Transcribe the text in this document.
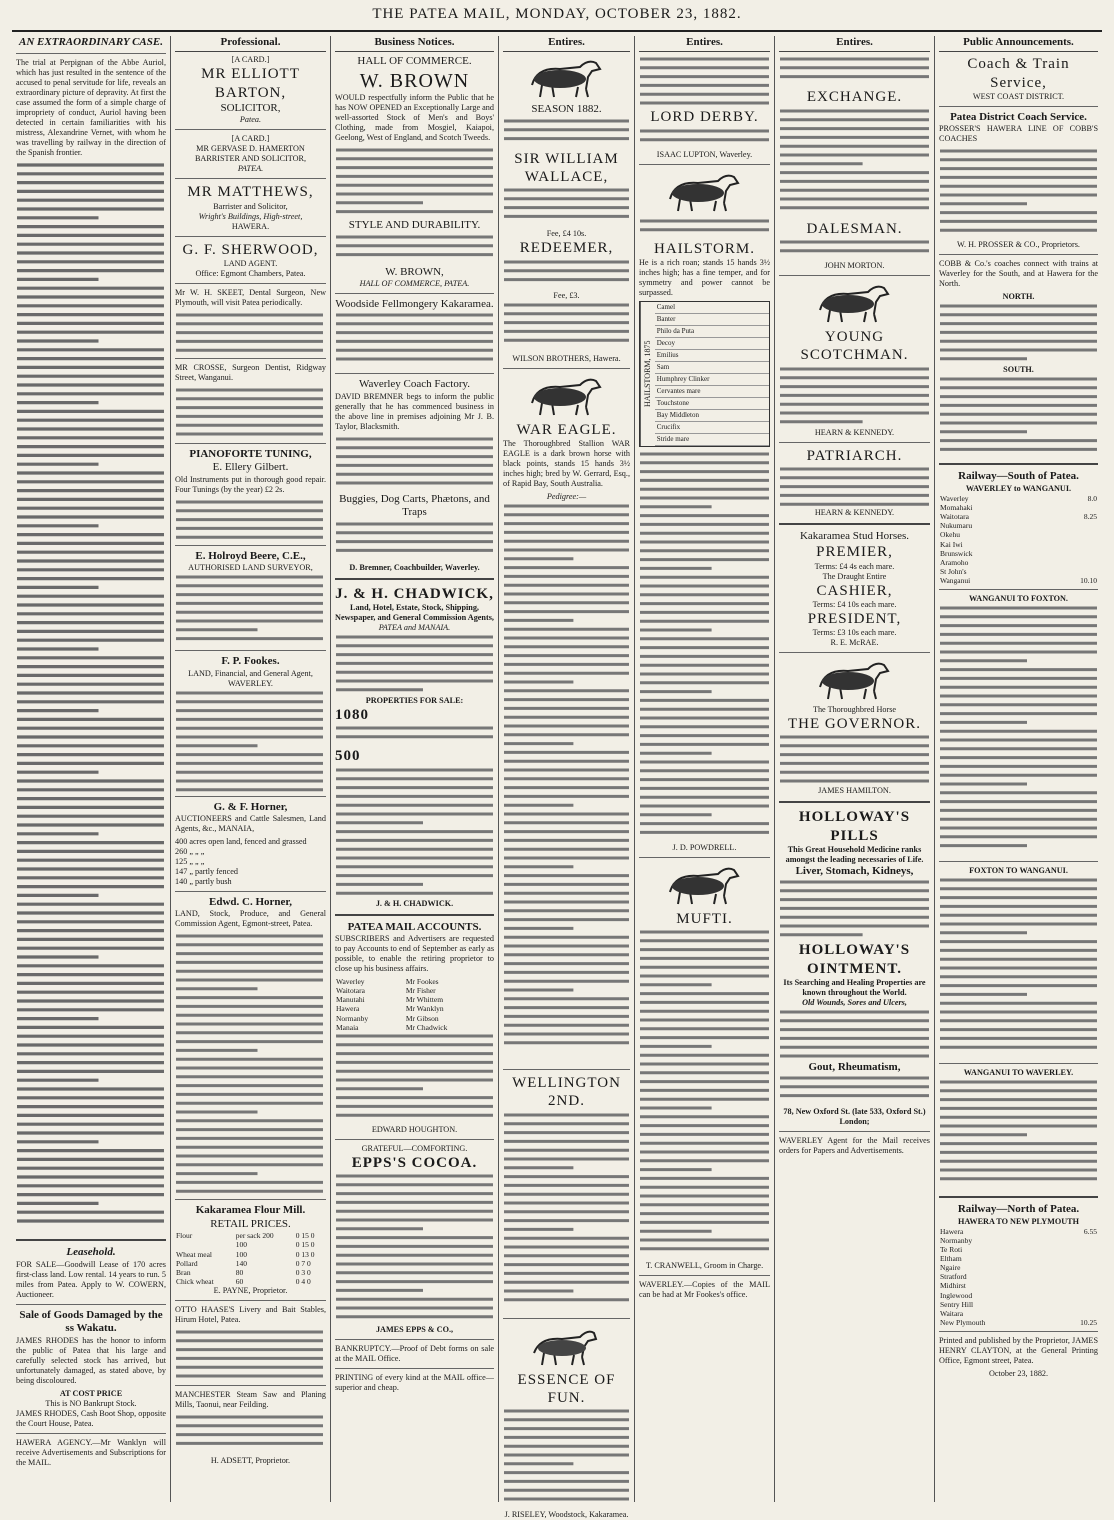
THE PATEA MAIL, MONDAY, OCTOBER 23, 1882.
AN EXTRAORDINARY CASE.

The trial at Perpignan of the Abbe Auriol, which has just resulted in the sentence of the accused to penal servitude for life, reveals an extraordinary picture of depravity. At first the case assumed the form of a simple charge of impropriety of conduct, Auriol having been detected in certain familiarities with his mistress, Alexandrine Vernet, with whom he was travelling by railway in the direction of the Spanish frontier.

Leasehold.

FOR SALE—Goodwill Lease of 170 acres first-class land. Low rental. 14 years to run. 5 miles from Patea. Apply to W. COWERN, Auctioneer.

Sale of Goods Damaged by the ss Wakatu.

JAMES RHODES has the honor to inform the public of Patea that his large and carefully selected stock has arrived, but unfortunately damaged, as stated above, by being discoloured.

AT COST PRICE
This is NO Bankrupt Stock.

JAMES RHODES, Cash Boot Shop, opposite the Court House, Patea.

HAWERA AGENCY.—Mr Wanklyn will receive Advertisements and Subscriptions for the MAIL.

Professional.
[A CARD.]
MR ELLIOTT BARTON,
SOLICITOR,
Patea.
[A CARD.]
MR GERVASE D. HAMERTON
BARRISTER AND SOLICITOR,
PATEA.
MR MATTHEWS,
Barrister and Solicitor,
Wright's Buildings, High-street,
HAWERA.
G. F. SHERWOOD,
LAND AGENT.
Office: Egmont Chambers, Patea.

Mr W. H. SKEET, Dental Surgeon, New Plymouth, will visit Patea periodically.

MR CROSSE, Surgeon Dentist, Ridgway Street, Wanganui.

PIANOFORTE TUNING,
E. Ellery Gilbert.

Old Instruments put in thorough good repair. Four Tunings (by the year) £2 2s.

E. Holroyd Beere, C.E.,
AUTHORISED LAND SURVEYOR,
F. P. Fookes.
LAND, Financial, and General Agent, WAVERLEY.
G. & F. Horner,

AUCTIONEERS and Cattle Salesmen, Land Agents, &c., MANAIA,

400 acres open land, fenced and grassed
260 „ „ „
125 „ „ „
147 „ partly fenced
140 „ partly bush
Edwd. C. Horner,

LAND, Stock, Produce, and General Commission Agent, Egmont-street, Patea.

Kakaramea Flour Mill.
RETAIL PRICES.
Flour	per sack 200	0 15 0
	100	0 15 0
Wheat meal	100	0 13 0
Pollard	140	0 7 0
Bran	80	0 3 0
Chick wheat	60	0 4 0
E. PAYNE, Proprietor.

OTTO HAASE'S Livery and Bait Stables, Hirum Hotel, Patea.

MANCHESTER Steam Saw and Planing Mills, Taonui, near Feilding.

H. ADSETT, Proprietor.
Business Notices.
HALL OF COMMERCE.
W. BROWN

WOULD respectfully inform the Public that he has NOW OPENED an Exceptionally Large and well-assorted Stock of Men's and Boys' Clothing, made from Mosgiel, Kaiapoi, Geelong, West of England, and Scotch Tweeds.

STYLE AND DURABILITY.
W. BROWN,
HALL OF COMMERCE, PATEA.
Woodside Fellmongery Kakaramea.
Waverley Coach Factory.

DAVID BREMNER begs to inform the public generally that he has commenced business in the above line in premises adjoining Mr J. B. Taylor, Blacksmith.

Buggies, Dog Carts, Phætons, and Traps
D. Bremner, Coachbuilder, Waverley.
J. & H. CHADWICK,
Land, Hotel, Estate, Stock, Shipping, Newspaper, and General Commission Agents,
PATEA and MANAIA.
PROPERTIES FOR SALE:
1080
500
J. & H. CHADWICK.
PATEA MAIL ACCOUNTS.

SUBSCRIBERS and Advertisers are requested to pay Accounts to end of September as early as possible, to enable the retiring proprietor to close up his business affairs.

Waverley	Mr Fookes
Waitotara	Mr Fisher
Manutahi	Mr Whittem
Hawera	Mr Wanklyn
Normanby	Mr Gibson
Manaia	Mr Chadwick
EDWARD HOUGHTON.
GRATEFUL—COMFORTING.
EPPS'S COCOA.
JAMES EPPS & CO.,

BANKRUPTCY.—Proof of Debt forms on sale at the MAIL Office.

PRINTING of every kind at the MAIL office—superior and cheap.

Entires.
SEASON 1882.
SIR WILLIAM WALLACE,
Fee, £4 10s.
REDEEMER,
Fee, £3.
WILSON BROTHERS, Hawera.
WAR EAGLE.

The Thoroughbred Stallion WAR EAGLE is a dark brown horse with black points, stands 15 hands 3½ inches high; bred by W. Gerrard, Esq., of Rapid Bay, South Australia.

Pedigree:—
WELLINGTON 2ND.
ESSENCE OF FUN.
J. RISELEY, Woodstock, Kakaramea.
Entires.
LORD DERBY.
ISAAC LUPTON, Waverley.
HAILSTORM.

He is a rich roan; stands 15 hands 3½ inches high; has a fine temper, and for symmetry and power cannot be surpassed.

HAILSTORM, 1875
Camel
Banter
Philo da Puta
Decoy
Emilius
Sam
Humphrey Clinker
Cervantes mare
Touchstone
Bay Middleton
Crucifix
Stride mare
J. D. POWDRELL.
MUFTI.
T. CRANWELL, Groom in Charge.

WAVERLEY.—Copies of the MAIL can be had at Mr Fookes's office.

Entires.
EXCHANGE.
DALESMAN.
JOHN MORTON.
YOUNG SCOTCHMAN.
HEARN & KENNEDY.
PATRIARCH.
HEARN & KENNEDY.
Kakaramea Stud Horses.
PREMIER,
Terms: £4 4s each mare.
The Draught Entire
CASHIER,
Terms: £4 10s each mare.
PRESIDENT,
Terms: £3 10s each mare.
R. E. McRAE.
The Thoroughbred Horse
THE GOVERNOR.
JAMES HAMILTON.
HOLLOWAY'S PILLS
This Great Household Medicine ranks amongst the leading necessaries of Life.
Liver, Stomach, Kidneys,
HOLLOWAY'S OINTMENT.
Its Searching and Healing Properties are known throughout the World.
Old Wounds, Sores and Ulcers,
Gout, Rheumatism,
78, New Oxford St. (late 533, Oxford St.) London;

WAVERLEY Agent for the Mail receives orders for Papers and Advertisements.

Public Announcements.
Coach & Train Service,
WEST COAST DISTRICT.
Patea District Coach Service.

PROSSER'S HAWERA LINE OF COBB'S COACHES

W. H. PROSSER & CO., Proprietors.

COBB & Co.'s coaches connect with trains at Waverley for the South, and at Hawera for the North.

NORTH.
SOUTH.
Railway—South of Patea.
WAVERLEY to WANGANUI.
Waverley	8.0
Momahaki	
Waitotara	8.25
Nukumaru	
Okehu	
Kai Iwi	
Brunswick	
Aramoho	
St John's	
Wanganui	10.10
WANGANUI TO FOXTON.
FOXTON TO WANGANUI.
WANGANUI TO WAVERLEY.
Railway—North of Patea.
HAWERA TO NEW PLYMOUTH
Hawera	6.55
Normanby	
Te Roti	
Eltham	
Ngaire	
Stratford	
Midhirst	
Inglewood	
Sentry Hill	
Waitara	
New Plymouth	10.25

Printed and published by the Proprietor, JAMES HENRY CLAYTON, at the General Printing Office, Egmont street, Patea.

October 23, 1882.
